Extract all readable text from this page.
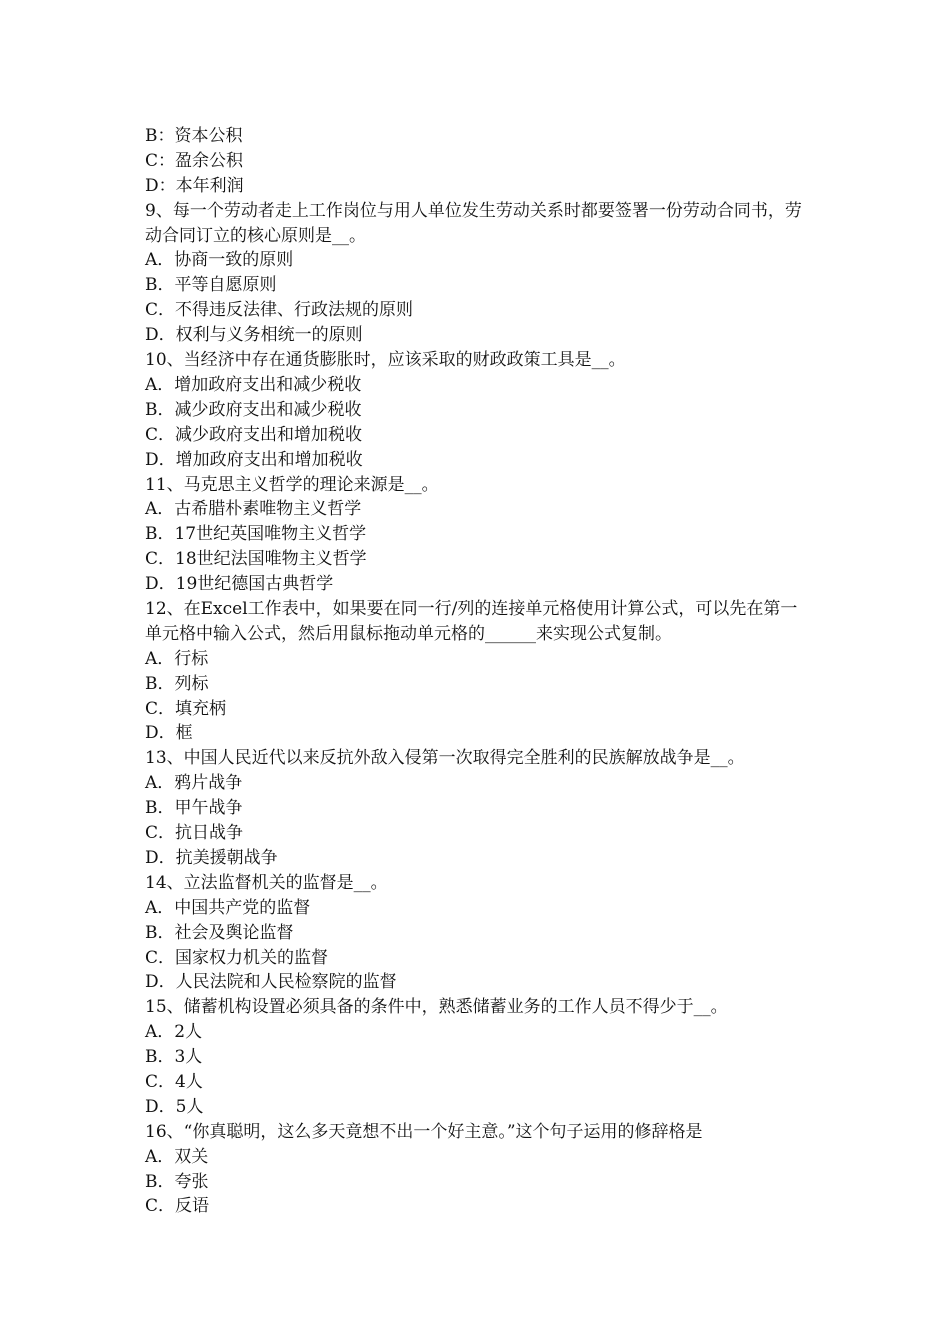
B：资本公积
C：盈余公积
D：本年利润
9、每一个劳动者走上工作岗位与用人单位发生劳动关系时都要签署一份劳动合同书，劳动合同订立的核心原则是__。
A．协商一致的原则
B．平等自愿原则
C．不得违反法律、行政法规的原则
D．权利与义务相统一的原则
10、当经济中存在通货膨胀时，应该采取的财政政策工具是__。
A．增加政府支出和减少税收
B．减少政府支出和减少税收
C．减少政府支出和增加税收
D．增加政府支出和增加税收
11、马克思主义哲学的理论来源是__。
A．古希腊朴素唯物主义哲学
B．17世纪英国唯物主义哲学
C．18世纪法国唯物主义哲学
D．19世纪德国古典哲学
12、在Excel工作表中，如果要在同一行/列的连接单元格使用计算公式，可以先在第一单元格中输入公式，然后用鼠标拖动单元格的______来实现公式复制。
A．行标
B．列标
C．填充柄
D．框
13、中国人民近代以来反抗外敌入侵第一次取得完全胜利的民族解放战争是__。
A．鸦片战争
B．甲午战争
C．抗日战争
D．抗美援朝战争
14、立法监督机关的监督是__。
A．中国共产党的监督
B．社会及舆论监督
C．国家权力机关的监督
D．人民法院和人民检察院的监督
15、储蓄机构设置必须具备的条件中，熟悉储蓄业务的工作人员不得少于__。
A．2人
B．3人
C．4人
D．5人
16、“你真聪明，这么多天竟想不出一个好主意。”这个句子运用的修辞格是
A．双关
B．夸张
C．反语
